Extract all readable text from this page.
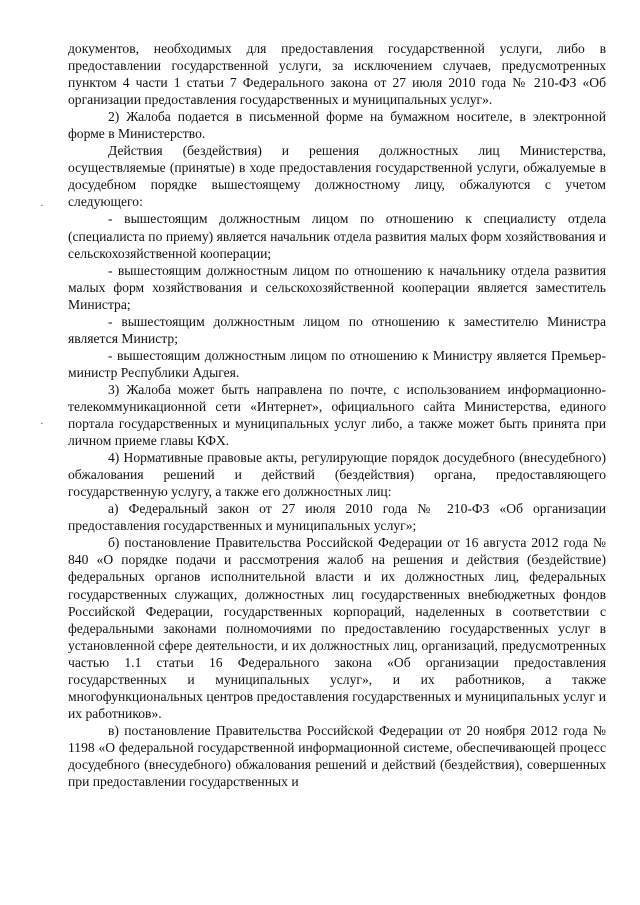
·
·

документов, необходимых для предоставления государственной услуги, либо в предоставлении государственной услуги, за исключением случаев, предусмотренных пунктом 4 части 1 статьи 7 Федерального закона от 27 июля 2010 года № 210-ФЗ «Об организации предоставления государственных и муниципальных услуг».

2) Жалоба подается в письменной форме на бумажном носителе, в электронной форме в Министерство.

Действия (бездействия) и решения должностных лиц Министерства, осуществляемые (принятые) в ходе предоставления государственной услуги, обжалуемые в досудебном порядке вышестоящему должностному лицу, обжалуются с учетом следующего:

- вышестоящим должностным лицом по отношению к специалисту отдела (специалиста по приему) является начальник отдела развития малых форм хозяйствования и сельскохозяйственной кооперации;

- вышестоящим должностным лицом по отношению к начальнику отдела развития малых форм хозяйствования и сельскохозяйственной кооперации является заместитель Министра;

- вышестоящим должностным лицом по отношению к заместителю Министра является Министр;

- вышестоящим должностным лицом по отношению к Министру является Премьер-министр Республики Адыгея.

3) Жалоба может быть направлена по почте, с использованием информационно-телекоммуникационной сети «Интернет», официального сайта Министерства, единого портала государственных и муниципальных услуг либо, а также может быть принята при личном приеме главы КФХ.

4) Нормативные правовые акты, регулирующие порядок досудебного (внесудебного) обжалования решений и действий (бездействия) органа, предоставляющего государственную услугу, а также его должностных лиц:

а) Федеральный закон от 27 июля 2010 года № 210-ФЗ «Об организации предоставления государственных и муниципальных услуг»;

б) постановление Правительства Российской Федерации от 16 августа 2012 года № 840 «О порядке подачи и рассмотрения жалоб на решения и действия (бездействие) федеральных органов исполнительной власти и их должностных лиц, федеральных государственных служащих, должностных лиц государственных внебюджетных фондов Российской Федерации, государственных корпораций, наделенных в соответствии с федеральными законами полномочиями по предоставлению государственных услуг в установленной сфере деятельности, и их должностных лиц, организаций, предусмотренных частью 1.1 статьи 16 Федерального закона «Об организации предоставления государственных и муниципальных услуг», и их работников, а также многофункциональных центров предоставления государственных и муниципальных услуг и их работников».

в) постановление Правительства Российской Федерации от 20 ноября 2012 года № 1198 «О федеральной государственной информационной системе, обеспечивающей процесс досудебного (внесудебного) обжалования решений и действий (бездействия), совершенных при предоставлении государственных и
